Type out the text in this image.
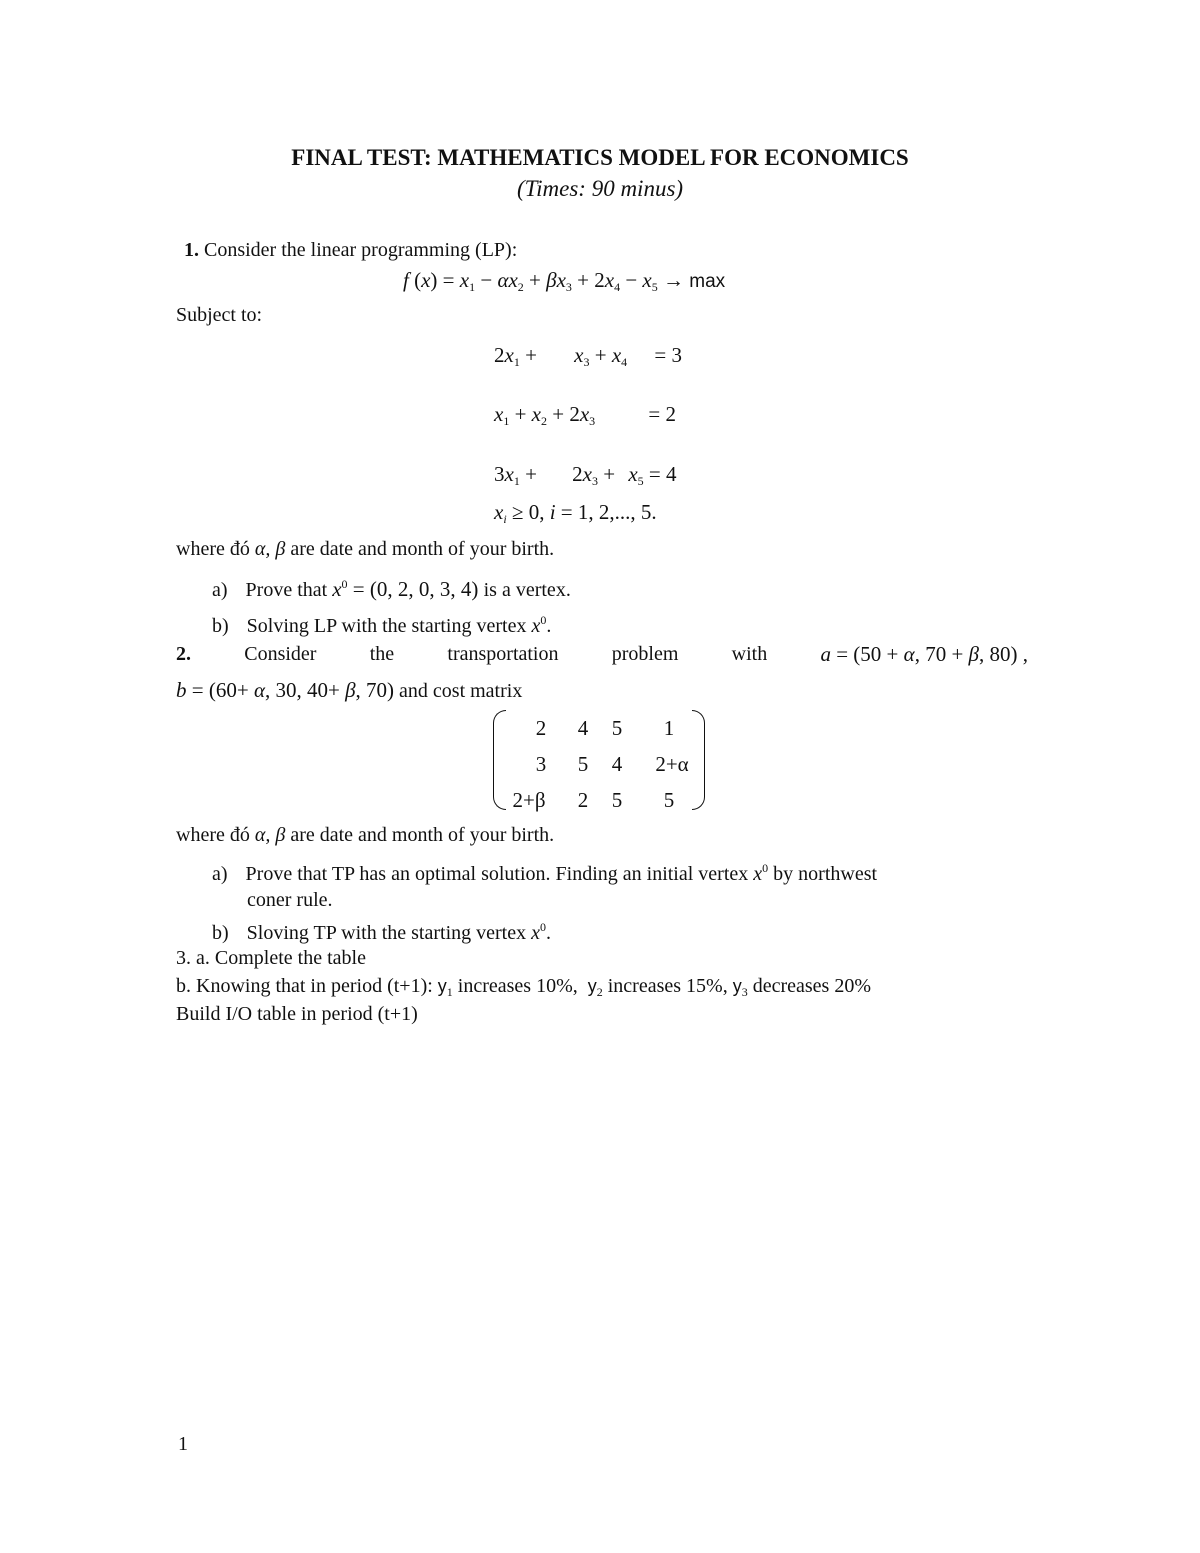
FINAL TEST: MATHEMATICS MODEL FOR ECONOMICS
(Times: 90 minus)
1. Consider the linear programming (LP):
f $(x) = x_1 - \alpha x_2 + \beta x_3 + 2x_4 - x_5 \to \max$
Subject to:
$2x_1 + x_3 + x_4 = 3$
$x_1 + x_2 + 2x_3$	= 2
$3x_1 + 2x_3 + x_5 = 4$
$x_i \ge 0$, i = 1, 2,..., 5.
where đó α, β are date and month of your birth.
a) Prove that $x^0 = (0$, 2, 0, 3, 4) is a vertex.
b) Solving LP with the starting vertex $x^0$.
2.	Consider	the	transportation	problem	with	a = (50 + α, 70 + β, 80) ,
b = (60+ α, 30, 40+ β, 70) and cost matrix
2	4	5	1
3	5	4	2+α
2+β	2	5	5
where đó α, β are date and month of your birth.
a) Prove that TP has an optimal solution. Finding an initial vertex $x^0$ by northwest
coner rule.
b) Sloving TP with the starting vertex $x^0$.
3. a. Complete the table
b. Knowing that in period (t+1): $y_1$ increases 10%,  $y_2$ increases 15%, $y_3$ decreases 20%
Build I/O table in period (t+1)
1
